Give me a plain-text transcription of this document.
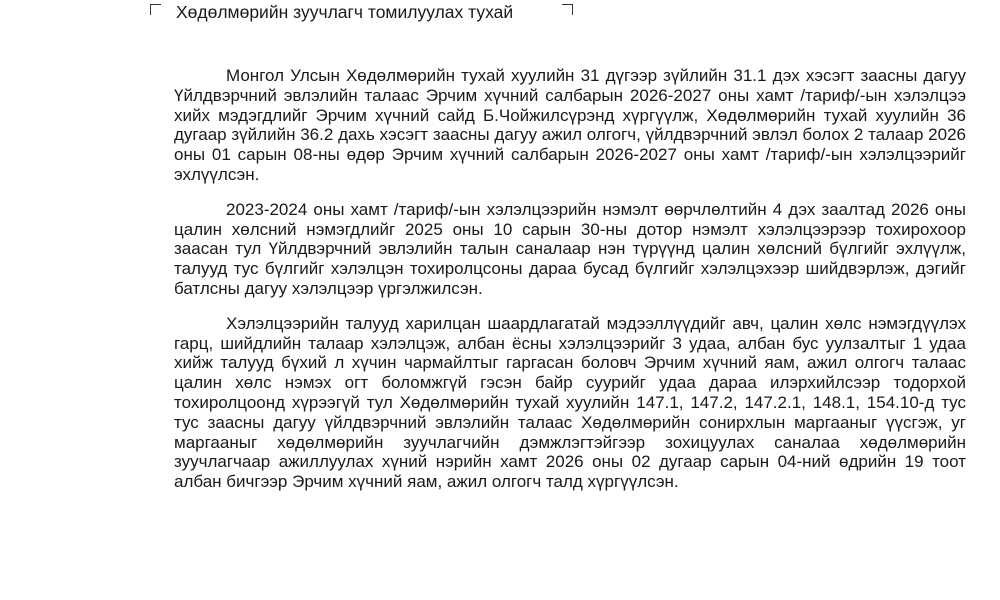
Хөдөлмөрийн зуучлагч томилуулах тухай

Монгол Улсын Хөдөлмөрийн тухай хуулийн 31 дүгээр зүйлийн 31.1 дэх хэсэгт заасны дагуу Үйлдвэрчний эвлэлийн талаас Эрчим хүчний салбарын 2026-2027 оны хамт /тариф/-ын хэлэлцээ хийх мэдэгдлийг Эрчим хүчний сайд Б.Чойжилсүрэнд хүргүүлж, Хөдөлмөрийн тухай хуулийн 36 дугаар зүйлийн 36.2 дахь хэсэгт заасны дагуу ажил олгогч, үйлдвэрчний эвлэл болох 2 талаар 2026 оны 01 сарын 08-ны өдөр Эрчим хүчний салбарын 2026-2027 оны хамт /тариф/-ын хэлэлцээрийг эхлүүлсэн.

2023-2024 оны хамт /тариф/-ын хэлэлцээрийн нэмэлт өөрчлөлтийн 4 дэх заалтад 2026 оны цалин хөлсний нэмэгдлийг 2025 оны 10 сарын 30-ны дотор нэмэлт хэлэлцээрээр тохирохоор заасан тул Үйлдвэрчний эвлэлийн талын саналаар нэн түрүүнд цалин хөлсний бүлгийг эхлүүлж, талууд тус бүлгийг хэлэлцэн тохиролцсоны дараа бусад бүлгийг хэлэлцэхээр шийдвэрлэж, дэгийг батлсны дагуу хэлэлцээр үргэлжилсэн.

Хэлэлцээрийн талууд харилцан шаардлагатай мэдээллүүдийг авч, цалин хөлс нэмэгдүүлэх гарц, шийдлийн талаар хэлэлцэж, албан ёсны хэлэлцээрийг 3 удаа, албан бус уулзалтыг 1 удаа хийж талууд бүхий л хүчин чармайлтыг гаргасан боловч Эрчим хүчний яам, ажил олгогч талаас цалин хөлс нэмэх огт боломжгүй гэсэн байр суурийг удаа дараа илэрхийлсээр тодорхой тохиролцоонд хүрээгүй тул Хөдөлмөрийн тухай хуулийн 147.1, 147.2, 147.2.1, 148.1, 154.10-д тус тус заасны дагуу үйлдвэрчний эвлэлийн талаас Хөдөлмөрийн сонирхлын маргааныг үүсгэж, уг маргааныг хөдөлмөрийн зуучлагчийн дэмжлэгтэйгээр зохицуулах саналаа хөдөлмөрийн зуучлагчаар ажиллуулах хүний нэрийн хамт 2026 оны 02 дугаар сарын 04-ний өдрийн 19 тоот албан бичгээр Эрчим хүчний яам, ажил олгогч талд хүргүүлсэн.
